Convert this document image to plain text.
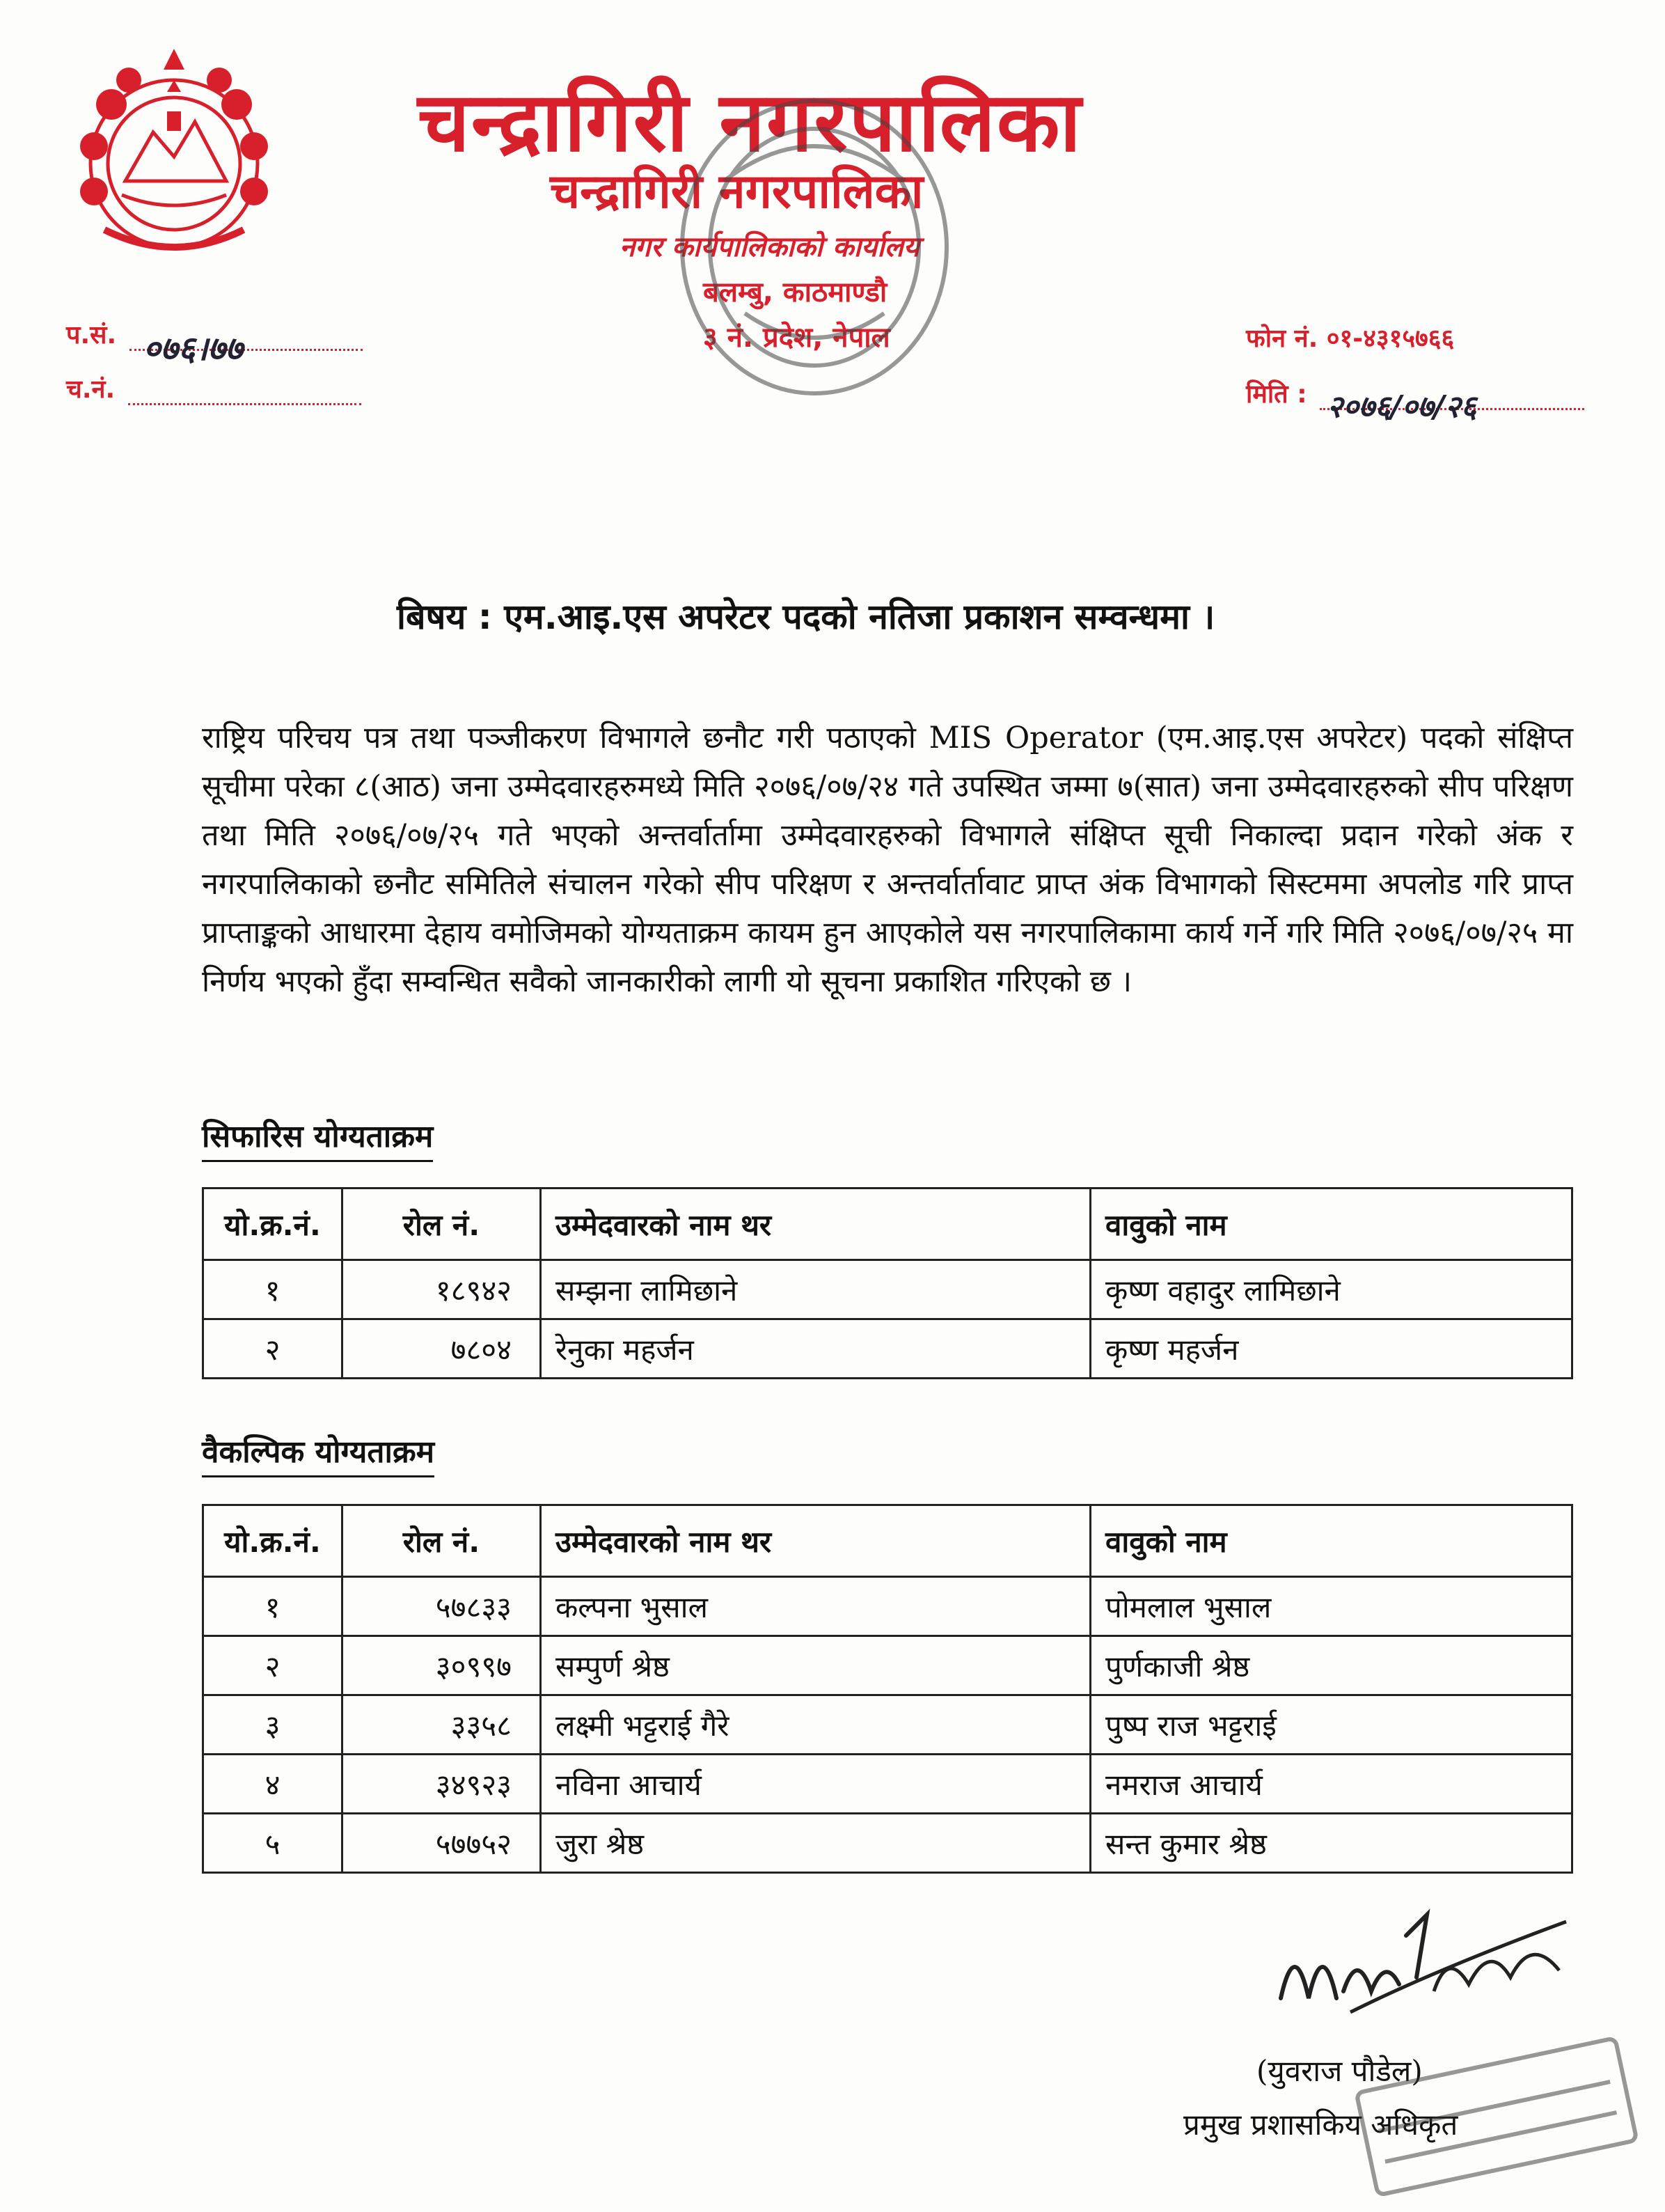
चन्द्रागिरी नगरपालिका
चन्द्रागिरी नगरपालिका
नगर कार्यपालिकाको कार्यालय
बलम्बु, काठमाण्डौ
३ नं. प्रदेश, नेपाल
प.सं. ०७६।७७
च.नं.
फोन नं. ०१-४३१५७६६
मिति : २०७६/०७/२६
बिषय : एम.आइ.एस अपरेटर पदको नतिजा प्रकाशन सम्वन्धमा ।
राष्ट्रिय परिचय पत्र तथा पञ्जीकरण विभागले छनौट गरी पठाएको MIS Operator (एम.आइ.एस अपरेटर) पदको संक्षिप्त सूचीमा परेका ८(आठ) जना उम्मेदवारहरुमध्ये मिति २०७६/०७/२४ गते उपस्थित जम्मा ७(सात) जना उम्मेदवारहरुको सीप परिक्षण तथा मिति २०७६/०७/२५ गते भएको अन्तर्वार्तामा उम्मेदवारहरुको विभागले संक्षिप्त सूची निकाल्दा प्रदान गरेको अंक र नगरपालिकाको छनौट समितिले संचालन गरेको सीप परिक्षण र अन्तर्वार्तावाट प्राप्त अंक विभागको सिस्टममा अपलोड गरि प्राप्त प्राप्ताङ्कको आधारमा देहाय वमोजिमको योग्यताक्रम कायम हुन आएकोले यस नगरपालिकामा कार्य गर्ने गरि मिति २०७६/०७/२५ मा निर्णय भएको हुँदा सम्वन्धित सवैको जानकारीको लागी यो सूचना प्रकाशित गरिएको छ ।
सिफारिस योग्यताक्रम
यो.क्र.नं.	रोल नं.	उम्मेदवारको नाम थर	वावुको नाम
१	१८९४२	सम्झना लामिछाने	कृष्ण वहादुर लामिछाने
२	७८०४	रेनुका महर्जन	कृष्ण महर्जन
वैकल्पिक योग्यताक्रम
यो.क्र.नं.	रोल नं.	उम्मेदवारको नाम थर	वावुको नाम
१	५७८३३	कल्पना भुसाल	पोमलाल भुसाल
२	३०९९७	सम्पुर्ण श्रेष्ठ	पुर्णकाजी श्रेष्ठ
३	३३५८	लक्ष्मी भट्टराई गैरे	पुष्प राज भट्टराई
४	३४९२३	नविना आचार्य	नमराज आचार्य
५	५७७५२	जुरा श्रेष्ठ	सन्त कुमार श्रेष्ठ
(युवराज पौडेल)
प्रमुख प्रशासकिय अधिकृत
